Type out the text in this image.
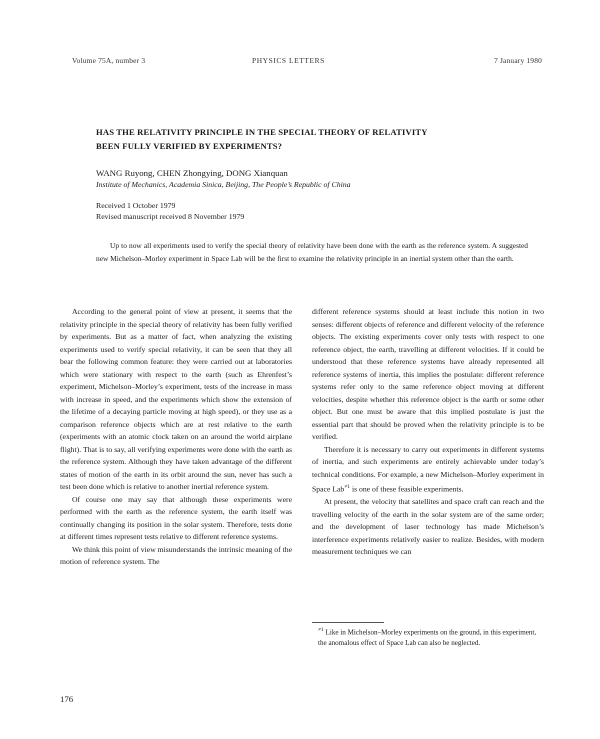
Volume 75A, number 3	PHYSICS LETTERS	7 January 1980
HAS THE RELATIVITY PRINCIPLE IN THE SPECIAL THEORY OF RELATIVITY
BEEN FULLY VERIFIED BY EXPERIMENTS?
WANG Ruyong, CHEN Zhongying, DONG Xianquan
Institute of Mechanics, Academia Sinica, Beijing, The People’s Republic of China
Received 1 October 1979
Revised manuscript received 8 November 1979
Up to now all experiments used to verify the special theory of relativity have been done with the earth as the reference system. A suggested new Michelson–Morley experiment in Space Lab will be the first to examine the relativity principle in an inertial system other than the earth.

According to the general point of view at present, it seems that the relativity principle in the special theory of relativity has been fully verified by experiments. But as a matter of fact, when analyzing the existing experiments used to verify special relativity, it can be seen that they all bear the following common feature: they were carried out at laboratories which were stationary with respect to the earth (such as Ehrenfest’s experiment, Michelson–Morley’s experiment, tests of the increase in mass with increase in speed, and the experiments which show the extension of the lifetime of a decaying particle moving at high speed), or they use as a comparison reference objects which are at rest relative to the earth (experiments with an atomic clock taken on an around the world airplane flight). That is to say, all verifying experiments were done with the earth as the reference system. Although they have taken advantage of the different states of motion of the earth in its orbit around the sun, never has such a test been done which is relative to another inertial reference system.

Of course one may say that although these experiments were performed with the earth as the reference system, the earth itself was continually changing its position in the solar system. Therefore, tests done at different times represent tests relative to different reference systems.

We think this point of view misunderstands the intrinsic meaning of the motion of reference system. The

different reference systems should at least include this notion in two senses: different objects of reference and different velocity of the reference objects. The existing experiments cover only tests with respect to one reference object, the earth, travelling at different velocities. If it could be understood that these reference systems have already represented all reference systems of inertia, this implies the postulate: different reference systems refer only to the same reference object moving at different velocities, despite whether this reference object is the earth or some other object. But one must be aware that this implied postulate is just the essential part that should be proved when the relativity principle is to be verified.

Therefore it is necessary to carry out experiments in different systems of inertia, and such experiments are entirely achievable under today’s technical conditions. For example, a new Michelson–Morley experiment in Space Lab$^{\ne 1}$ is one of these feasible experiments.

At present, the velocity that satellites and space craft can reach and the travelling velocity of the earth in the solar system are of the same order; and the development of laser technology has made Michelson’s interference experiments relatively easier to realize. Besides, with modern measurement techniques we can

$^{\ne 1}$ Like in Michelson–Morley experiments on the ground, in this experiment, the anomalous effect of Space Lab can also be neglected.
176
